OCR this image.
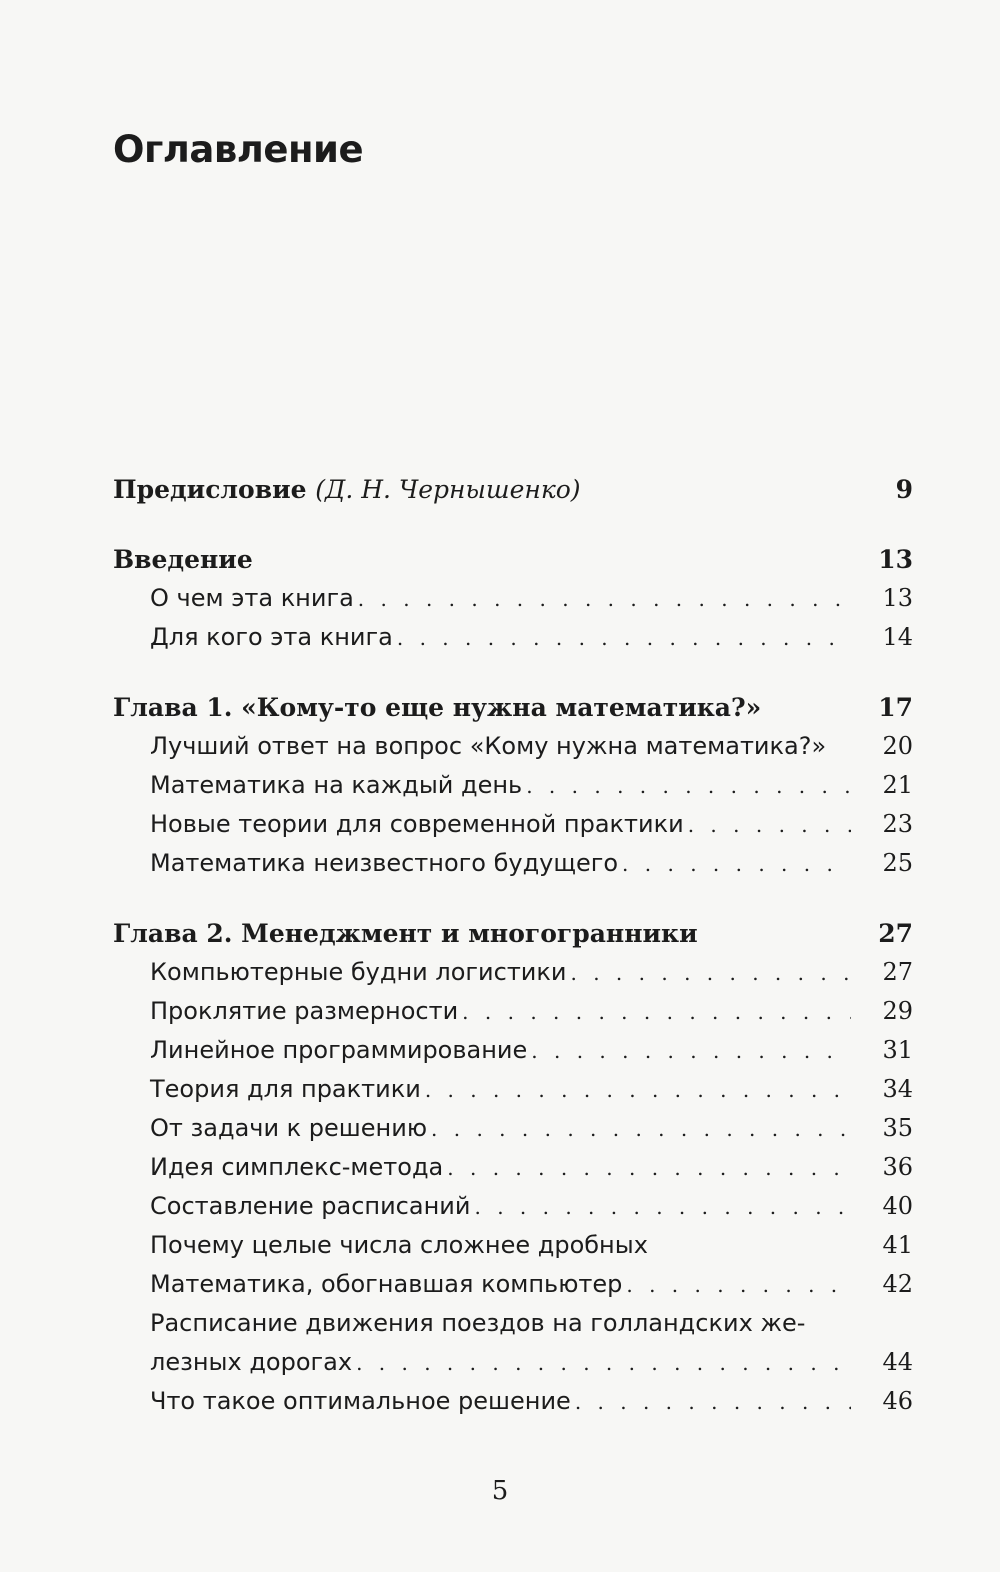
Оглавление
Предисловие (Д. Н. Чернышенко)	9
Введение	13
О чем эта книга . . .	13
Для кого эта книга . . .	14
Глава 1. «Кому-то еще нужна математика?»	17
Лучший ответ на вопрос «Кому нужна математика?»	20
Математика на каждый день . . .	21
Новые теории для современной практики . . .	23
Математика неизвестного будущего . . .	25
Глава 2. Менеджмент и многогранники	27
Компьютерные будни логистики . . .	27
Проклятие размерности . . .	29
Линейное программирование . . .	31
Теория для практики . . .	34
От задачи к решению . . .	35
Идея симплекс-метода . . .	36
Составление расписаний . . .	40
Почему целые числа сложнее дробных	41
Математика, обогнавшая компьютер . . .	42
Расписание движения поездов на голландских же-
лезных дорогах . . .	44
Что такое оптимальное решение . . .	46
5
